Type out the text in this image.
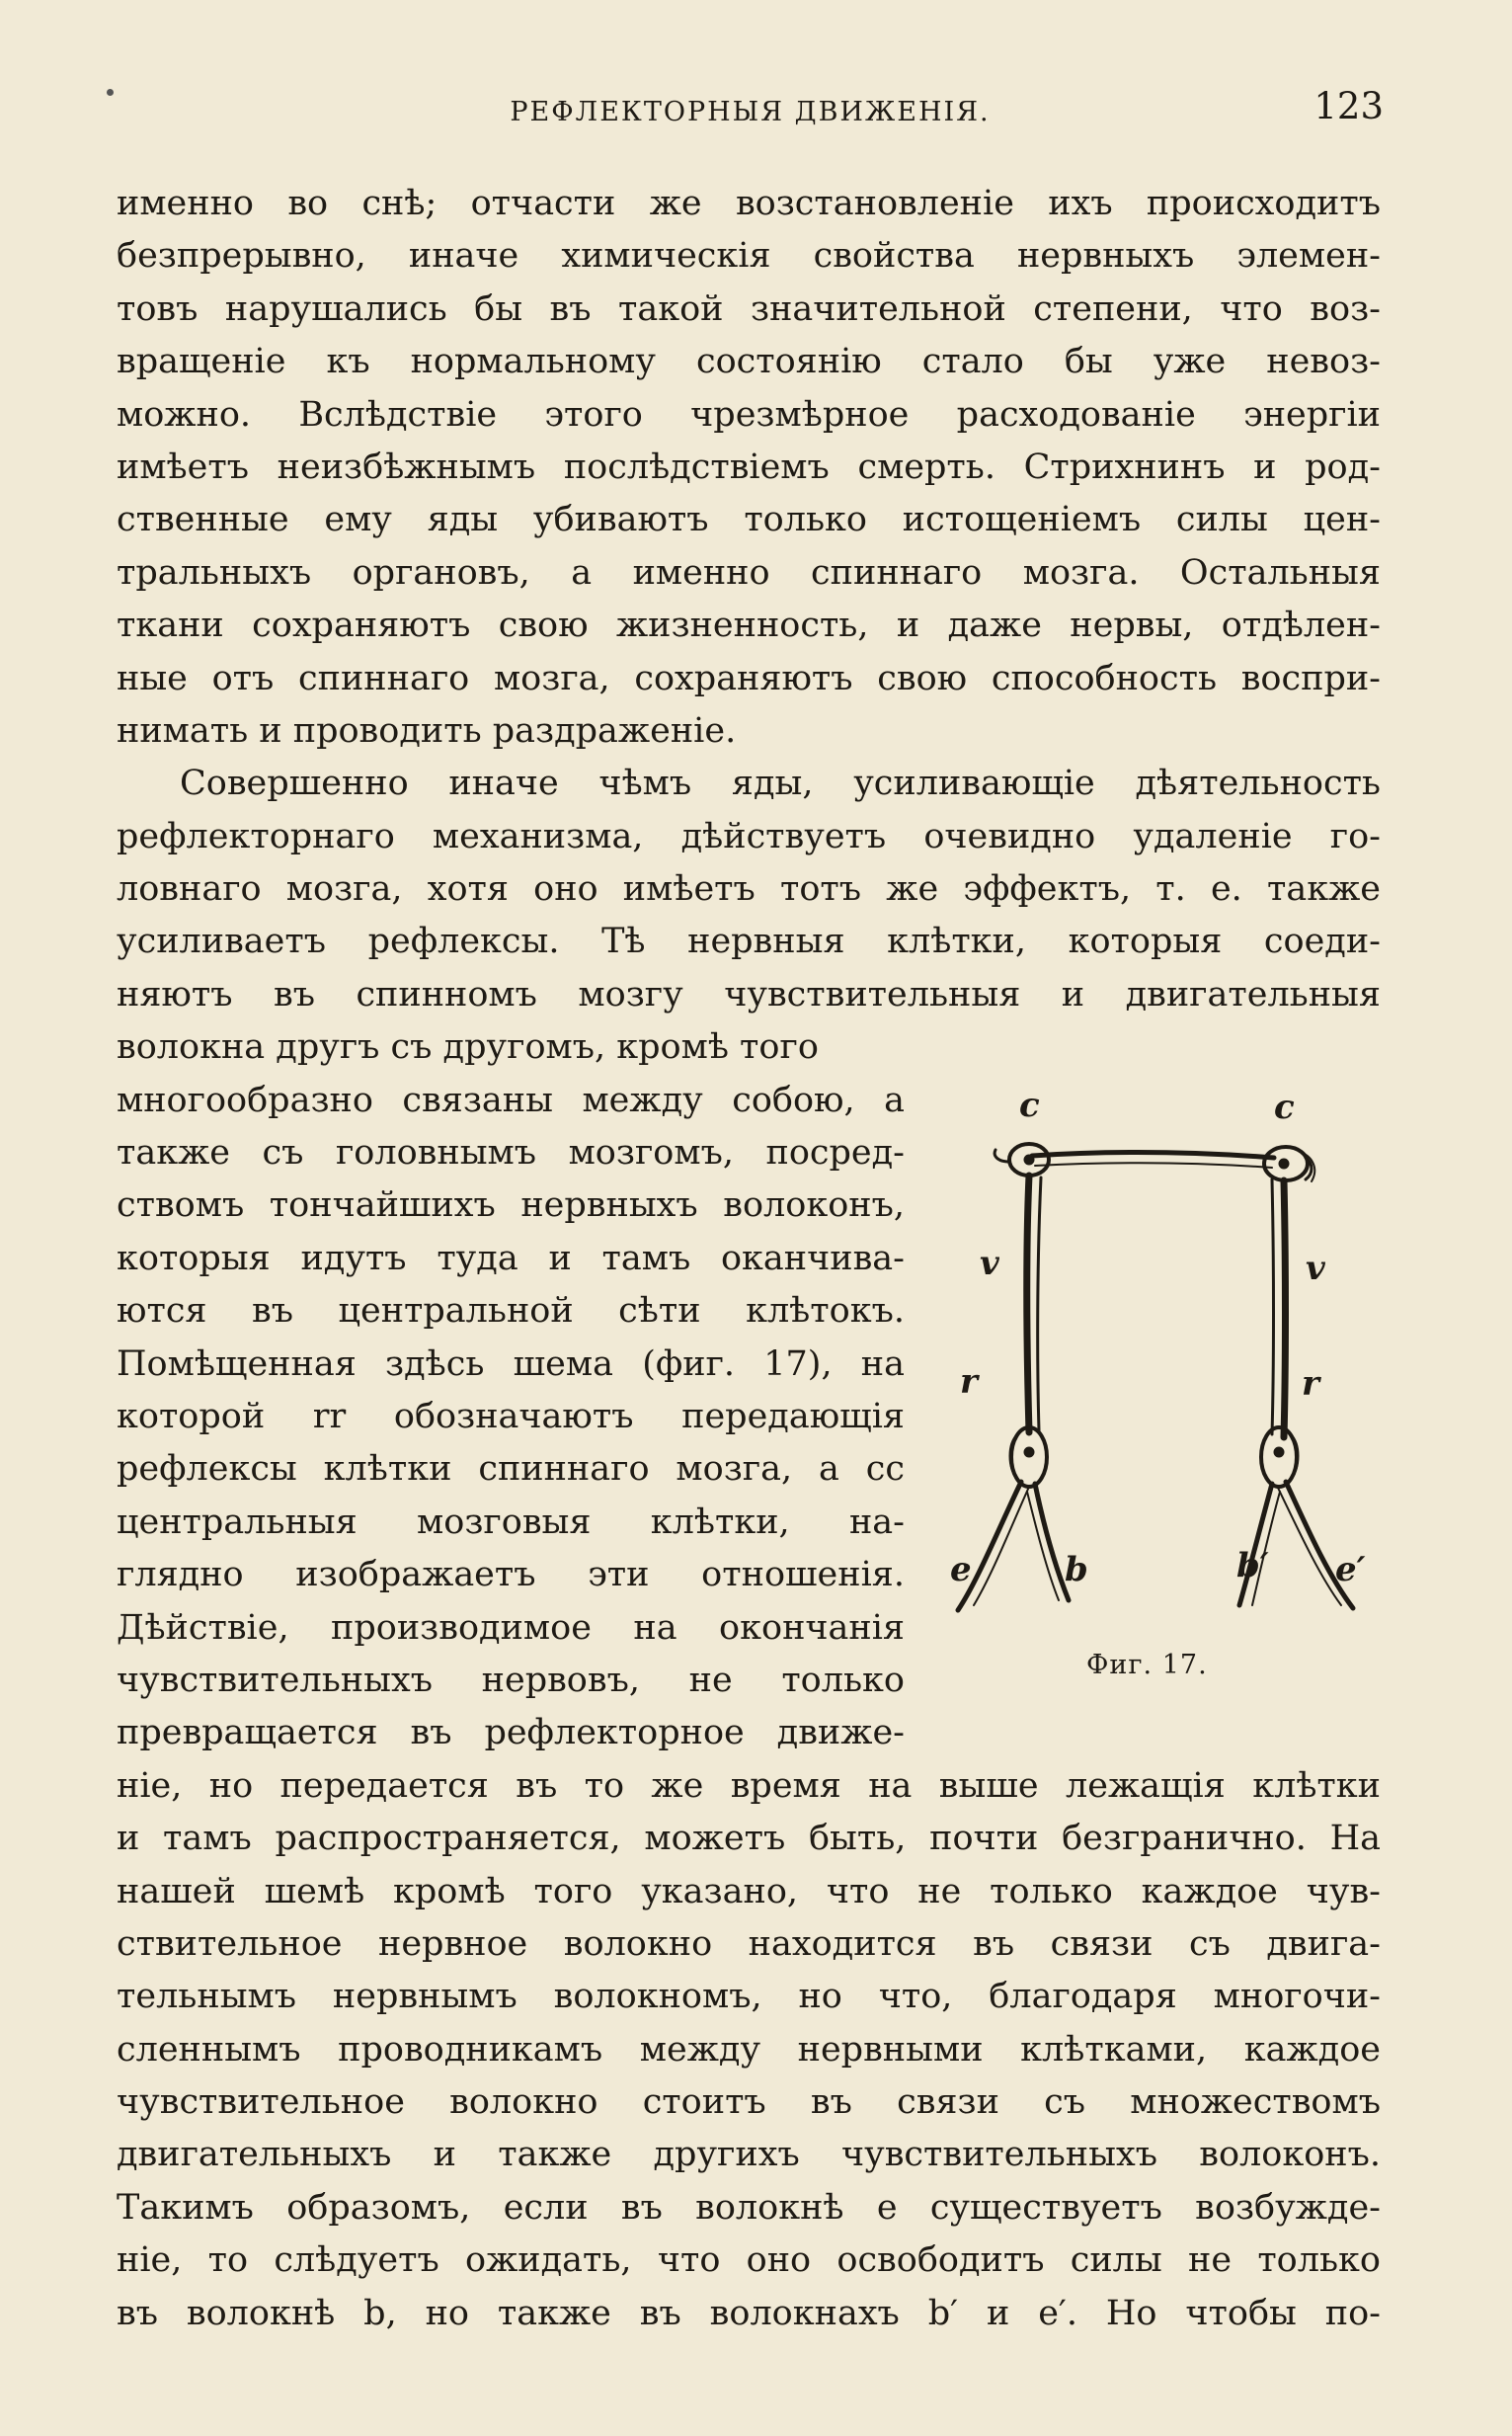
РЕФЛЕКТОРНЫЯ ДВИЖЕНІЯ.	123
именно во снѣ; отчасти же возстановленіе ихъ происходитъ
безпрерывно, иначе химическія свойства нервныхъ элемен-
товъ нарушались бы въ такой значительной степени, что воз-
вращеніе къ нормальному состоянію стало бы уже невоз-
можно. Вслѣдствіе этого чрезмѣрное расходованіе энергіи
имѣетъ неизбѣжнымъ послѣдствіемъ смерть. Стрихнинъ и род-
ственные ему яды убиваютъ только истощеніемъ силы цен-
тральныхъ органовъ, а именно спиннаго мозга. Остальныя
ткани сохраняютъ свою жизненность, и даже нервы, отдѣлен-
ные отъ спиннаго мозга, сохраняютъ свою способность воспри-
нимать и проводить раздраженіе.
Совершенно иначе чѣмъ яды, усиливающіе дѣятельность
рефлекторнаго механизма, дѣйствуетъ очевидно удаленіе го-
ловнаго мозга, хотя оно имѣетъ тотъ же эффектъ, т. е. также
усиливаетъ рефлексы. Тѣ нервныя клѣтки, которыя соеди-
няютъ въ спинномъ мозгу чувствительныя и двигательныя
волокна другъ съ другомъ, кромѣ того
многообразно связаны между собою, а
также съ головнымъ мозгомъ, посред-
ствомъ тончайшихъ нервныхъ волоконъ,
которыя идутъ туда и тамъ оканчива-
ются въ центральной сѣти клѣтокъ.
Помѣщенная здѣсь шема (фиг. 17), на
которой rr обозначаютъ передающія
рефлексы клѣтки спиннаго мозга, а cc
центральныя мозговыя клѣтки, на-
глядно изображаетъ эти отношенія.
Дѣйствіе, производимое на окончанія
чувствительныхъ нервовъ, не только
превращается въ рефлекторное движе-
ніе, но передается въ то же время на выше лежащія клѣтки
и тамъ распространяется, можетъ быть, почти безгранично. На
нашей шемѣ кромѣ того указано, что не только каждое чув-
ствительное нервное волокно находится въ связи съ двига-
тельнымъ нервнымъ волокномъ, но что, благодаря многочи-
сленнымъ проводникамъ между нервными клѣтками, каждое
чувствительное волокно стоитъ въ связи съ множествомъ
двигательныхъ и также другихъ чувствительныхъ волоконъ.
Такимъ образомъ, если въ волокнѣ e существуетъ возбужде-
ніе, то слѣдуетъ ожидать, что оно освободитъ силы не только
въ волокнѣ b, но также въ волокнахъ b′ и e′. Но чтобы по-
c	c
v	v
r	r
e	b	b′ e′
Фиг. 17.
